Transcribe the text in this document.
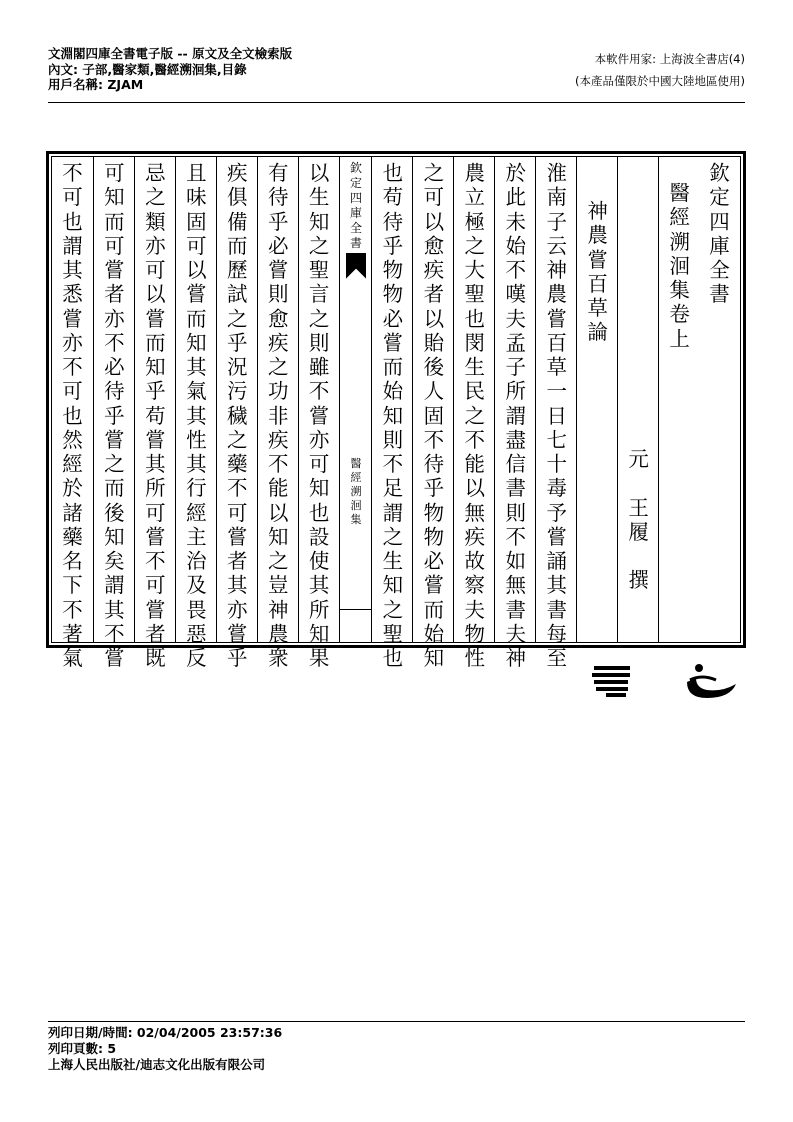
文淵閣四庫全書電子版 -- 原文及全文檢索版
內文: 子部,醫家類,醫經溯洄集,目錄
用戶名稱: ZJAM
本軟件用家: 上海波全書店(4)
(本產品僅限於中國大陸地區使用)
欽
定
四
庫
全
書
醫
經
溯
洄
集
卷
上
元

王
履

撰
神
農
嘗
百
草
論
淮
南
子
云
神
農
嘗
百
草
一
日
七
十
毒
予
嘗
誦
其
書
每
至
於
此
未
始
不
嘆
夫
孟
子
所
謂
盡
信
書
則
不
如
無
書
夫
神
農
立
極
之
大
聖
也
閔
生
民
之
不
能
以
無
疾
故
察
夫
物
性
之
可
以
愈
疾
者
以
貽
後
人
固
不
待
乎
物
物
必
嘗
而
始
知
也
苟
待
乎
物
物
必
嘗
而
始
知
則
不
足
謂
之
生
知
之
聖
也
欽
定
四
庫
全
書
醫
經
溯
洄
集
以
生
知
之
聖
言
之
則
雖
不
嘗
亦
可
知
也
設
使
其
所
知
果
有
待
乎
必
嘗
則
愈
疾
之
功
非
疾
不
能
以
知
之
豈
神
農
衆
疾
俱
備
而
歷
試
之
乎
況
污
穢
之
藥
不
可
嘗
者
其
亦
嘗
乎
且
味
固
可
以
嘗
而
知
其
氣
其
性
其
行
經
主
治
及
畏
惡
反
忌
之
類
亦
可
以
嘗
而
知
乎
苟
嘗
其
所
可
嘗
不
可
嘗
者
既
可
知
而
可
嘗
者
亦
不
必
待
乎
嘗
之
而
後
知
矣
謂
其
不
嘗
不
可
也
謂
其
悉
嘗
亦
不
可
也
然
經
於
諸
藥
名
下
不
著
氣
列印日期/時間: 02/04/2005 23:57:36
列印頁數: 5
上海人民出版社/迪志文化出版有限公司
